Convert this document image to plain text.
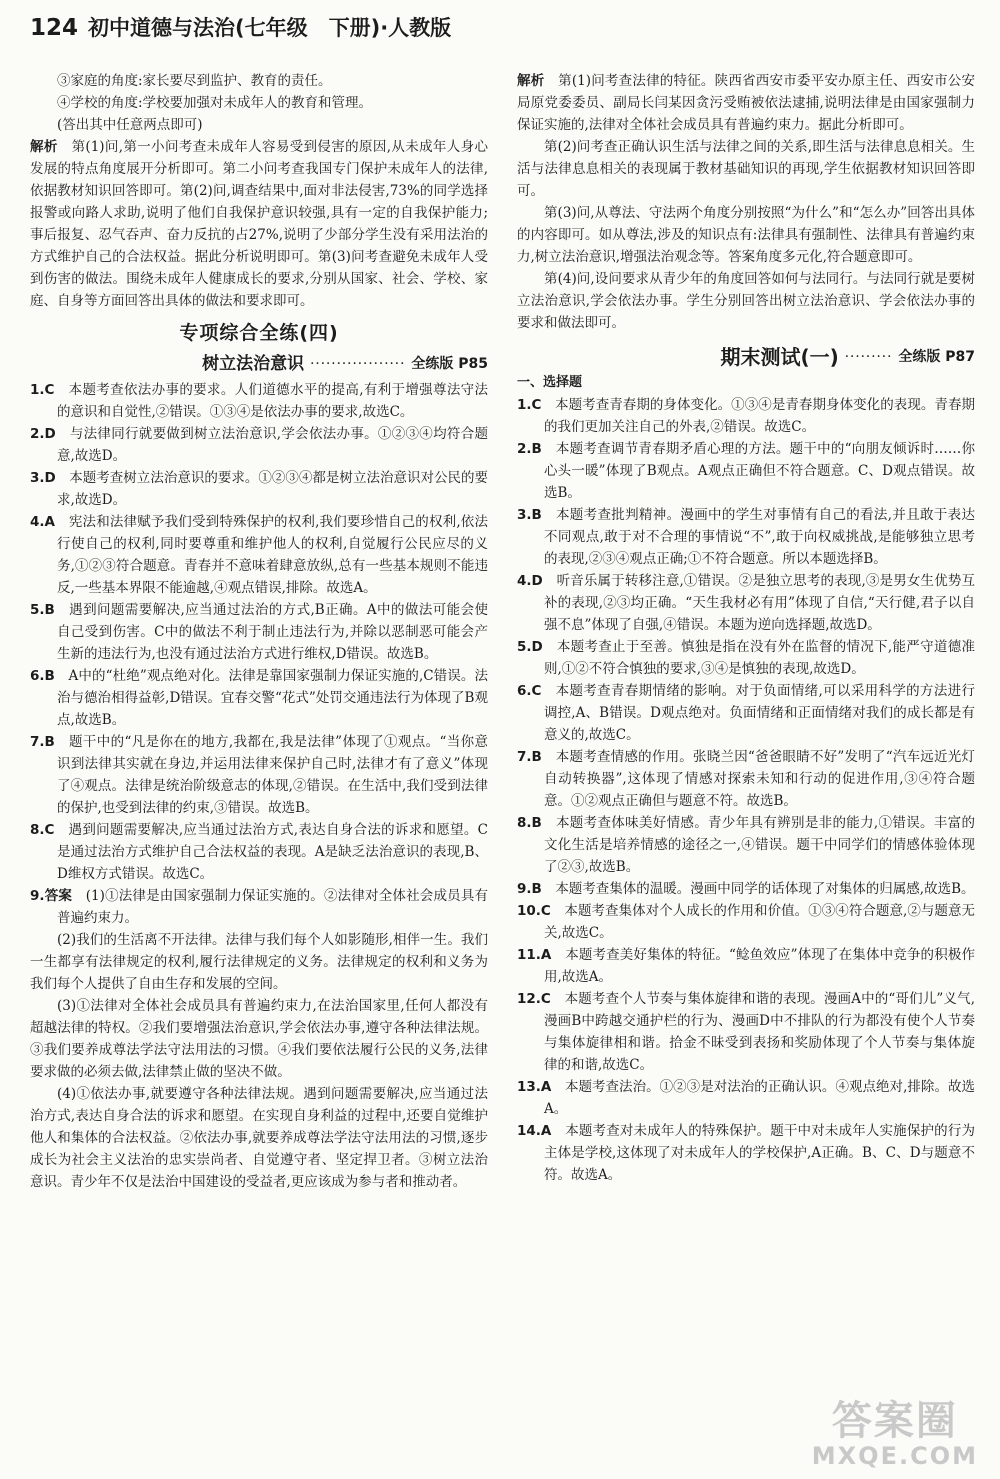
124 初中道德与法治(七年级　下册)·人教版

③家庭的角度:家长要尽到监护、教育的责任。

④学校的角度:学校要加强对未成年人的教育和管理。

(答出其中任意两点即可)

解析　 第(1)问,第一小问考查未成年人容易受到侵害的原因,从未成年人身心发展的特点角度展开分析即可。第二小问考查我国专门保护未成年人的法律,依据教材知识回答即可。第(2)问,调查结果中,面对非法侵害,73%的同学选择报警或向路人求助,说明了他们自我保护意识较强,具有一定的自我保护能力;事后报复、忍气吞声、奋力反抗的占27%,说明了少部分学生没有采用法治的方式维护自己的合法权益。据此分析说明即可。第(3)问考查避免未成年人受到伤害的做法。围绕未成年人健康成长的要求,分别从国家、社会、学校、家庭、自身等方面回答出具体的做法和要求即可。

专项综合全练(四)
树立法治意识 ·················· 全练版 P85

1.C　 本题考查依法办事的要求。人们道德水平的提高,有利于增强尊法守法的意识和自觉性,②错误。①③④是依法办事的要求,故选C。

2.D　 与法律同行就要做到树立法治意识,学会依法办事。①②③④均符合题意,故选D。

3.D　 本题考查树立法治意识的要求。①②③④都是树立法治意识对公民的要求,故选D。

4.A　 宪法和法律赋予我们受到特殊保护的权利,我们要珍惜自己的权利,依法行使自己的权利,同时要尊重和维护他人的权利,自觉履行公民应尽的义务,①②③符合题意。青春并不意味着肆意放纵,总有一些基本规则不能违反,一些基本界限不能逾越,④观点错误,排除。故选A。

5.B　 遇到问题需要解决,应当通过法治的方式,B正确。A中的做法可能会使自己受到伤害。C中的做法不利于制止违法行为,并除以恶制恶可能会产生新的违法行为,也没有通过法治方式进行维权,D错误。故选B。

6.B　 A中的“杜绝”观点绝对化。法律是靠国家强制力保证实施的,C错误。法治与德治相得益彰,D错误。宜春交警“花式”处罚交通违法行为体现了B观点,故选B。

7.B　 题干中的“凡是你在的地方,我都在,我是法律”体现了①观点。“当你意识到法律其实就在身边,并运用法律来保护自己时,法律才有了意义”体现了④观点。法律是统治阶级意志的体现,②错误。在生活中,我们受到法律的保护,也受到法律的约束,③错误。故选B。

8.C　 遇到问题需要解决,应当通过法治方式,表达自身合法的诉求和愿望。C是通过法治方式维护自己合法权益的表现。A是缺乏法治意识的表现,B、D维权方式错误。故选C。

9.答案　 (1)①法律是由国家强制力保证实施的。②法律对全体社会成员具有普遍约束力。

(2)我们的生活离不开法律。法律与我们每个人如影随形,相伴一生。我们一生都享有法律规定的权利,履行法律规定的义务。法律规定的权利和义务为我们每个人提供了自由生存和发展的空间。

(3)①法律对全体社会成员具有普遍约束力,在法治国家里,任何人都没有超越法律的特权。②我们要增强法治意识,学会依法办事,遵守各种法律法规。③我们要养成尊法学法守法用法的习惯。④我们要依法履行公民的义务,法律要求做的必须去做,法律禁止做的坚决不做。

(4)①依法办事,就要遵守各种法律法规。遇到问题需要解决,应当通过法治方式,表达自身合法的诉求和愿望。在实现自身利益的过程中,还要自觉维护他人和集体的合法权益。②依法办事,就要养成尊法学法守法用法的习惯,逐步成长为社会主义法治的忠实崇尚者、自觉遵守者、坚定捍卫者。③树立法治意识。青少年不仅是法治中国建设的受益者,更应该成为参与者和推动者。

解析　 第(1)问考查法律的特征。陕西省西安市委平安办原主任、西安市公安局原党委委员、副局长闫某因贪污受贿被依法逮捕,说明法律是由国家强制力保证实施的,法律对全体社会成员具有普遍约束力。据此分析即可。

第(2)问考查正确认识生活与法律之间的关系,即生活与法律息息相关。生活与法律息息相关的表现属于教材基础知识的再现,学生依据教材知识回答即可。

第(3)问,从尊法、守法两个角度分别按照“为什么”和“怎么办”回答出具体的内容即可。如从尊法,涉及的知识点有:法律具有强制性、法律具有普遍约束力,树立法治意识,增强法治观念等。答案角度多元化,符合题意即可。

第(4)问,设问要求从青少年的角度回答如何与法同行。与法同行就是要树立法治意识,学会依法办事。学生分别回答出树立法治意识、学会依法办事的要求和做法即可。

期末测试(一) ········· 全练版 P87
一、选择题

1.C　 本题考查青春期的身体变化。①③④是青春期身体变化的表现。青春期的我们更加关注自己的外表,②错误。故选C。

2.B　 本题考查调节青春期矛盾心理的方法。题干中的“向朋友倾诉时……你心头一暖”体现了B观点。A观点正确但不符合题意。C、D观点错误。故选B。

3.B　 本题考查批判精神。漫画中的学生对事情有自己的看法,并且敢于表达不同观点,敢于对不合理的事情说“不”,敢于向权威挑战,是能够独立思考的表现,②③④观点正确;①不符合题意。所以本题选择B。

4.D　 听音乐属于转移注意,①错误。②是独立思考的表现,③是男女生优势互补的表现,②③均正确。“天生我材必有用”体现了自信,“天行健,君子以自强不息”体现了自强,④错误。本题为逆向选择题,故选D。

5.D　 本题考查止于至善。慎独是指在没有外在监督的情况下,能严守道德准则,①②不符合慎独的要求,③④是慎独的表现,故选D。

6.C　 本题考查青春期情绪的影响。对于负面情绪,可以采用科学的方法进行调控,A、B错误。D观点绝对。负面情绪和正面情绪对我们的成长都是有意义的,故选C。

7.B　 本题考查情感的作用。张晓兰因“爸爸眼睛不好”发明了“汽车远近光灯自动转换器”,这体现了情感对探索未知和行动的促进作用,③④符合题意。①②观点正确但与题意不符。故选B。

8.B　 本题考查体味美好情感。青少年具有辨别是非的能力,①错误。丰富的文化生活是培养情感的途径之一,④错误。题干中同学们的情感体验体现了②③,故选B。

9.B　 本题考查集体的温暖。漫画中同学的话体现了对集体的归属感,故选B。

10.C　 本题考查集体对个人成长的作用和价值。①③④符合题意,②与题意无关,故选C。

11.A　 本题考查美好集体的特征。“鲶鱼效应”体现了在集体中竞争的积极作用,故选A。

12.C　 本题考查个人节奏与集体旋律和谐的表现。漫画A中的“哥们儿”义气,漫画B中跨越交通护栏的行为、漫画D中不排队的行为都没有使个人节奏与集体旋律相和谐。拾金不昧受到表扬和奖励体现了个人节奏与集体旋律的和谐,故选C。

13.A　 本题考查法治。①②③是对法治的正确认识。④观点绝对,排除。故选A。

14.A　 本题考查对未成年人的特殊保护。题干中对未成年人实施保护的行为主体是学校,这体现了对未成年人的学校保护,A正确。B、C、D与题意不符。故选A。

答案圈
MXQE.COM
